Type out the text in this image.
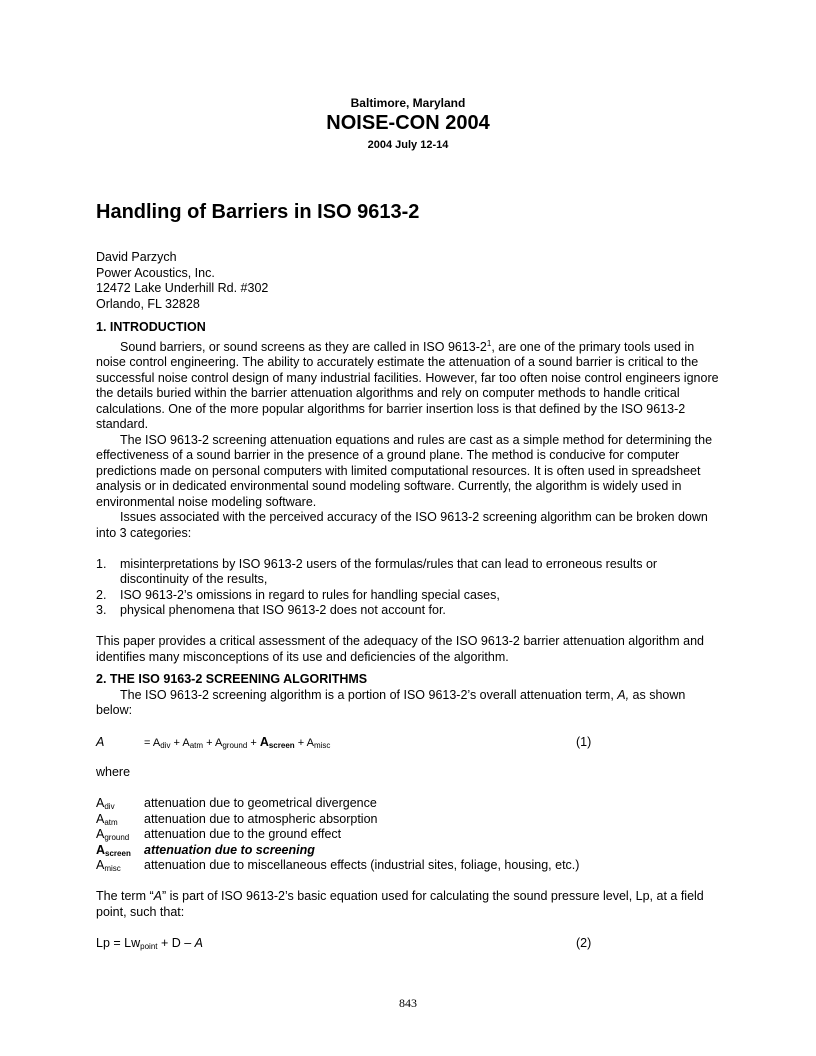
Baltimore, Maryland
NOISE-CON 2004
2004 July 12-14
Handling of Barriers in ISO 9613-2
David Parzych
Power Acoustics, Inc.
12472 Lake Underhill Rd. #302
Orlando, FL 32828
1. INTRODUCTION
Sound barriers, or sound screens as they are called in ISO $9613-2^1$, are one of the primary tools used in noise control engineering. The ability to accurately estimate the attenuation of a sound barrier is critical to the successful noise control design of many industrial facilities. However, far too often noise control engineers ignore the details buried within the barrier attenuation algorithms and rely on computer methods to handle critical calculations. One of the more popular algorithms for barrier insertion loss is that defined by the ISO 9613-2 standard.
The ISO 9613-2 screening attenuation equations and rules are cast as a simple method for determining the effectiveness of a sound barrier in the presence of a ground plane. The method is conducive for computer predictions made on personal computers with limited computational resources. It is often used in spreadsheet analysis or in dedicated environmental sound modeling software. Currently, the algorithm is widely used in environmental noise modeling software.
Issues associated with the perceived accuracy of the ISO 9613-2 screening algorithm can be broken down into 3 categories:
1. misinterpretations by ISO 9613-2 users of the formulas/rules that can lead to erroneous results or discontinuity of the results,
2. ISO 9613-2’s omissions in regard to rules for handling special cases,
3. physical phenomena that ISO 9613-2 does not account for.
This paper provides a critical assessment of the adequacy of the ISO 9613-2 barrier attenuation algorithm and identifies many misconceptions of its use and deficiencies of the algorithm.
2. THE ISO 9163-2 SCREENING ALGORITHMS
The ISO 9613-2 screening algorithm is a portion of ISO 9613-2’s overall attenuation term, A, as shown below:
A	= $A_{div} + A_{atm} + A_{ground} + A_{screen} + A_{misc}$	(1)
where
$A_{div}$ attenuation due to geometrical divergence
$A_{atm}$ attenuation due to atmospheric absorption
$A_{ground}$ attenuation due to the ground effect
$A_{screen}$ attenuation due to screening
$A_{misc}$ attenuation due to miscellaneous effects (industrial sites, foliage, housing, etc.)
The term “A” is part of ISO 9613-2’s basic equation used for calculating the sound pressure level, Lp, at a field point, such that:
$Lp = Lw_{point} + D - A$	(2)
843
